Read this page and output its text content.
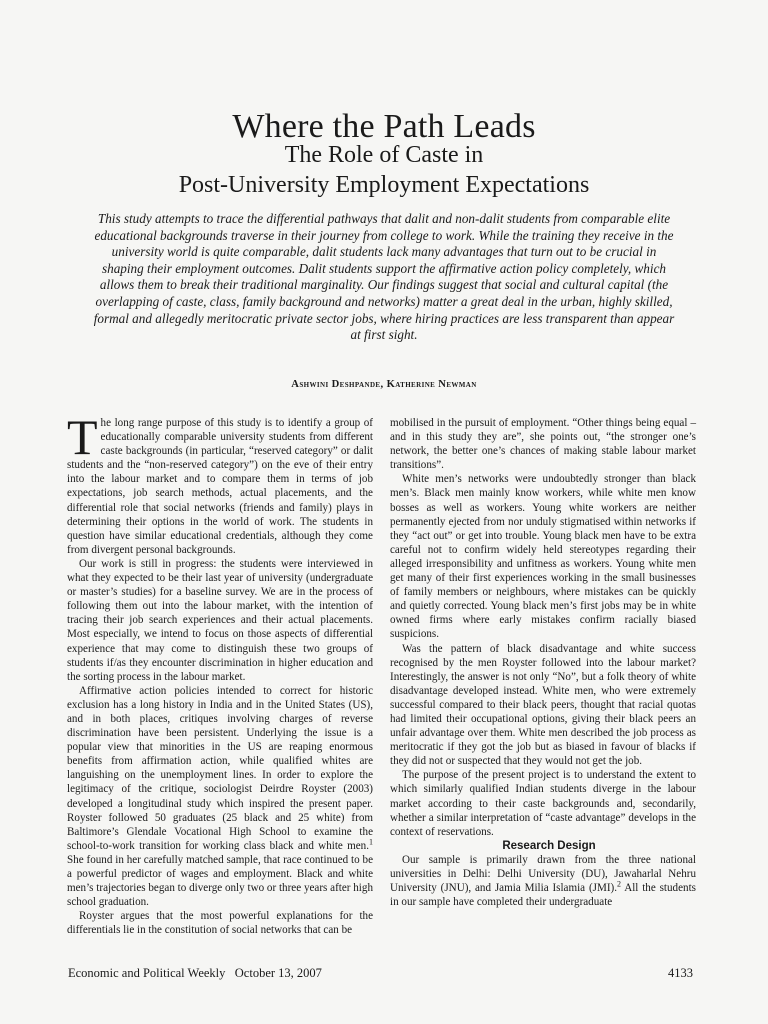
Where the Path Leads
The Role of Caste in
Post-University Employment Expectations
This study attempts to trace the differential pathways that dalit and non-dalit students from comparable elite educational backgrounds traverse in their journey from college to work. While the training they receive in the university world is quite comparable, dalit students lack many advantages that turn out to be crucial in shaping their employment outcomes. Dalit students support the affirmative action policy completely, which allows them to break their traditional marginality. Our findings suggest that social and cultural capital (the overlapping of caste, class, family background and networks) matter a great deal in the urban, highly skilled, formal and allegedly meritocratic private sector jobs, where hiring practices are less transparent than appear at first sight.
Ashwini Deshpande, Katherine Newman

The long range purpose of this study is to identify a group of educationally comparable university students from different caste backgrounds (in particular, “reserved category” or dalit students and the “non-reserved category”) on the eve of their entry into the labour market and to compare them in terms of job expectations, job search methods, actual placements, and the differential role that social networks (friends and family) plays in determining their options in the world of work. The students in question have similar educational credentials, although they come from divergent personal backgrounds.

Our work is still in progress: the students were interviewed in what they expected to be their last year of university (undergraduate or master’s studies) for a baseline survey. We are in the process of following them out into the labour market, with the intention of tracing their job search experiences and their actual placements. Most especially, we intend to focus on those aspects of differential experience that may come to distinguish these two groups of students if/as they encounter discrimination in higher education and the sorting process in the labour market.

Affirmative action policies intended to correct for historic exclusion has a long history in India and in the United States (US), and in both places, critiques involving charges of reverse discrimination have been persistent. Underlying the issue is a popular view that minorities in the US are reaping enormous benefits from affirmation action, while qualified whites are languishing on the unemployment lines. In order to explore the legitimacy of the critique, sociologist Deirdre Royster (2003) developed a longitudinal study which inspired the present paper. Royster followed 50 graduates (25 black and 25 white) from Baltimore’s Glendale Vocational High School to examine the school-to-work transition for working class black and white men.$^1$ She found in her carefully matched sample, that race continued to be a powerful predictor of wages and employment. Black and white men’s trajectories began to diverge only two or three years after high school graduation.

Royster argues that the most powerful explanations for the differentials lie in the constitution of social networks that can be

mobilised in the pursuit of employment. “Other things being equal – and in this study they are”, she points out, “the stronger one’s network, the better one’s chances of making stable labour market transitions”.

White men’s networks were undoubtedly stronger than black men’s. Black men mainly know workers, while white men know bosses as well as workers. Young white workers are neither permanently ejected from nor unduly stigmatised within networks if they “act out” or get into trouble. Young black men have to be extra careful not to confirm widely held stereotypes regarding their alleged irresponsibility and unfitness as workers. Young white men get many of their first experiences working in the small businesses of family members or neighbours, where mistakes can be quickly and quietly corrected. Young black men’s first jobs may be in white owned firms where early mistakes confirm racially biased suspicions.

Was the pattern of black disadvantage and white success recognised by the men Royster followed into the labour market? Interestingly, the answer is not only “No”, but a folk theory of white disadvantage developed instead. White men, who were extremely successful compared to their black peers, thought that racial quotas had limited their occupational options, giving their black peers an unfair advantage over them. White men described the job process as meritocratic if they got the job but as biased in favour of blacks if they did not or suspected that they would not get the job.

The purpose of the present project is to understand the extent to which similarly qualified Indian students diverge in the labour market according to their caste backgrounds and, secondarily, whether a similar interpretation of “caste advantage” develops in the context of reservations.

Research Design

Our sample is primarily drawn from the three national universities in Delhi: Delhi University (DU), Jawaharlal Nehru University (JNU), and Jamia Milia Islamia (JMI).$^2$ All the students in our sample have completed their undergraduate

Economic and Political Weekly October 13, 2007	4133
